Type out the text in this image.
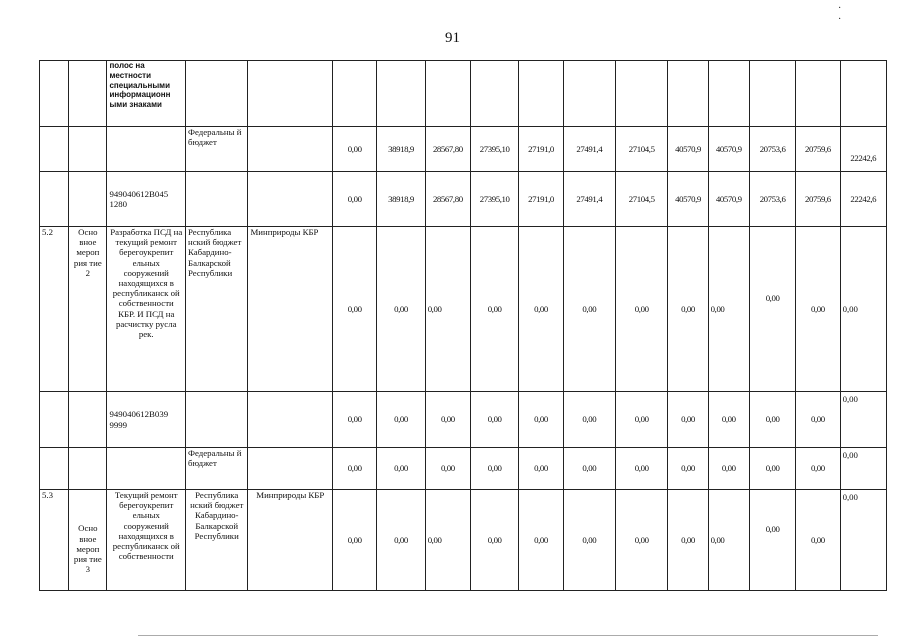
· ·
91
		полос на местности специальными информационн ыми знаками														
			Федеральны й бюджет		0,00	38918,9	28567,80	27395,10	27191,0	27491,4	27104,5	40570,9	40570,9	20753,6	20759,6	22242,6
		949040612B045 1280			0,00	38918,9	28567,80	27395,10	27191,0	27491,4	27104,5	40570,9	40570,9	20753,6	20759,6	22242,6
5.2	Осно вное мероп рия тие 2	Разработка ПСД на текущий ремонт берегоукрепит ельных сооружений находящихся в республиканск ой собственности КБР. И ПСД на расчистку русла рек.	Республика нский бюджет Кабардино-Балкарской Республики	Минприроды КБР	0,00	0,00	0,00	0,00	0,00	0,00	0,00	0,00	0,00	0,00	0,00	0,00
		949040612B039 9999			0,00	0,00	0,00	0,00	0,00	0,00	0,00	0,00	0,00	0,00	0,00	0,00
			Федеральны й бюджет		0,00	0,00	0,00	0,00	0,00	0,00	0,00	0,00	0,00	0,00	0,00	0,00
5.3	Осно вное мероп рия тие 3	Текущий ремонт берегоукрепит ельных сооружений находящихся в республиканск ой собственности	Республика нский бюджет Кабардино-Балкарской Республики	Минприроды КБР	0,00	0,00	0,00	0,00	0,00	0,00	0,00	0,00	0,00	0,00	0,00	0,00
